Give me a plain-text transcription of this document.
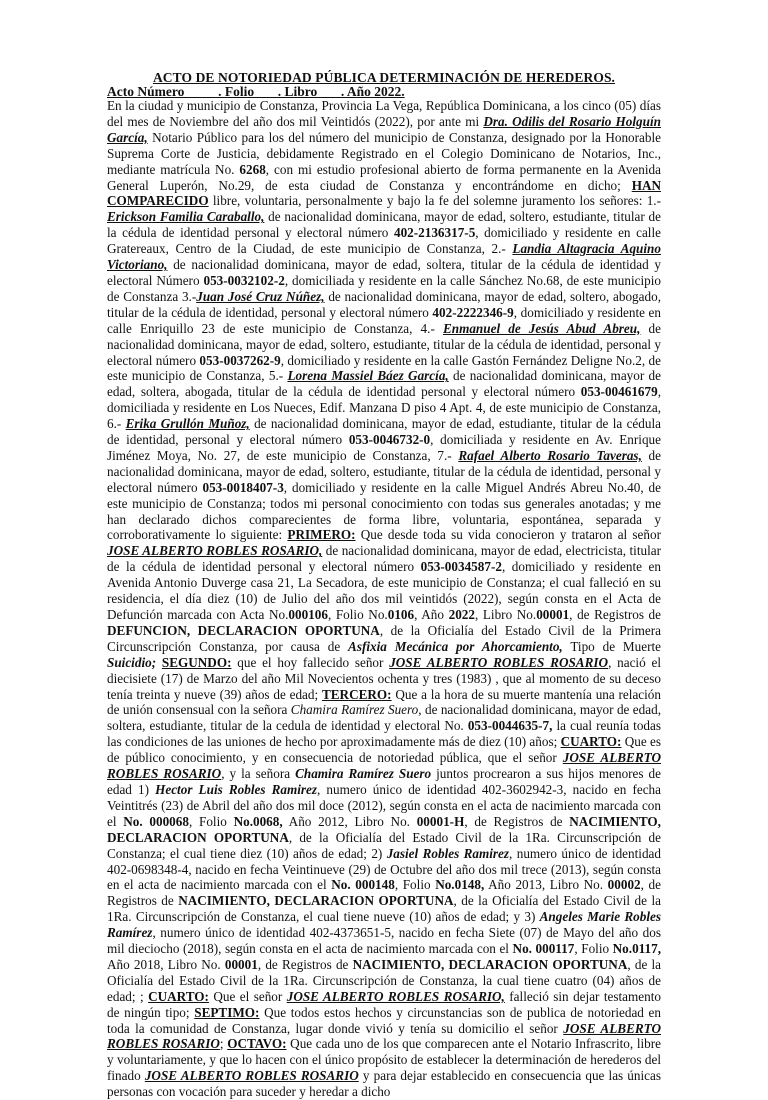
ACTO DE NOTORIEDAD PÚBLICA DETERMINACIÓN DE HEREDEROS.
Acto Número          . Folio       . Libro       . Año 2022.

En la ciudad y municipio de Constanza, Provincia La Vega, República Dominicana, a los cinco (05) días del mes de Noviembre del año dos mil Veintidós (2022), por ante mi Dra. Odilis del Rosario Holguín García, Notario Público para los del número del municipio de Constanza, designado por la Honorable Suprema Corte de Justicia, debidamente Registrado en el Colegio Dominicano de Notarios, Inc., mediante matrícula No. 6268, con mi estudio profesional abierto de forma permanente en la Avenida General Luperón, No.29, de esta ciudad de Constanza y encontrándome en dicho; HAN COMPARECIDO libre, voluntaria, personalmente y bajo la fe del solemne juramento los señores: 1.- Erickson Familia Caraballo, de nacionalidad dominicana, mayor de edad, soltero, estudiante, titular de la cédula de identidad personal y electoral número 402-2136317-5, domiciliado y residente en calle Gratereaux, Centro de la Ciudad, de este municipio de Constanza, 2.- Landia Altagracia Aquino Victoriano, de nacionalidad dominicana, mayor de edad, soltera, titular de la cédula de identidad y electoral Número 053-0032102-2, domiciliada y residente en la calle Sánchez No.68, de este municipio de Constanza 3.-Juan José Cruz Núñez, de nacionalidad dominicana, mayor de edad, soltero, abogado, titular de la cédula de identidad, personal y electoral número 402-2222346-9, domiciliado y residente en calle Enriquillo 23 de este municipio de Constanza, 4.- Enmanuel de Jesús Abud Abreu, de nacionalidad dominicana, mayor de edad, soltero, estudiante, titular de la cédula de identidad, personal y electoral número 053-0037262-9, domiciliado y residente en la calle Gastón Fernández Deligne No.2, de este municipio de Constanza, 5.- Lorena Massiel Báez García, de nacionalidad dominicana, mayor de edad, soltera, abogada, titular de la cédula de identidad personal y electoral número 053-00461679, domiciliada y residente en Los Nueces, Edif. Manzana D piso 4 Apt. 4, de este municipio de Constanza, 6.- Erika Grullón Muñoz, de nacionalidad dominicana, mayor de edad, estudiante, titular de la cédula de identidad, personal y electoral número 053-0046732-0, domiciliada y residente en Av. Enrique Jiménez Moya, No. 27, de este municipio de Constanza, 7.- Rafael Alberto Rosario Taveras, de nacionalidad dominicana, mayor de edad, soltero, estudiante, titular de la cédula de identidad, personal y electoral número 053-0018407-3, domiciliado y residente en la calle Miguel Andrés Abreu No.40, de este municipio de Constanza; todos mi personal conocimiento con todas sus generales anotadas; y me han declarado dichos comparecientes de forma libre, voluntaria, espontánea, separada y corroborativamente lo siguiente: PRIMERO: Que desde toda su vida conocieron y trataron al señor JOSE ALBERTO ROBLES ROSARIO, de nacionalidad dominicana, mayor de edad, electricista, titular de la cédula de identidad personal y electoral número 053-0034587-2, domiciliado y residente en Avenida Antonio Duverge casa 21, La Secadora, de este municipio de Constanza; el cual falleció en su residencia, el día diez (10) de Julio del año dos mil veintidós (2022), según consta en el Acta de Defunción marcada con Acta No.000106, Folio No.0106, Año 2022, Libro No.00001, de Registros de DEFUNCION, DECLARACION OPORTUNA, de la Oficialía del Estado Civil de la Primera Circunscripción Constanza, por causa de Asfixia Mecánica por Ahorcamiento, Tipo de Muerte Suicidio; SEGUNDO: que el hoy fallecido señor JOSE ALBERTO ROBLES ROSARIO, nació el diecisiete (17) de Marzo del año Mil Novecientos ochenta y tres (1983) , que al momento de su deceso tenía treinta y nueve (39) años de edad; TERCERO: Que a la hora de su muerte mantenía una relación de unión consensual con la señora Chamira Ramírez Suero, de nacionalidad dominicana, mayor de edad, soltera, estudiante, titular de la cedula de identidad y electoral No. 053-0044635-7, la cual reunía todas las condiciones de las uniones de hecho por aproximadamente más de diez (10) años; CUARTO: Que es de público conocimiento, y en consecuencia de notoriedad pública, que el señor JOSE ALBERTO ROBLES ROSARIO, y la señora Chamira Ramírez Suero juntos procrearon a sus hijos menores de edad 1) Hector Luis Robles Ramirez, numero único de identidad 402-3602942-3, nacido en fecha Veintitrés (23) de Abril del año dos mil doce (2012), según consta en el acta de nacimiento marcada con el No. 000068, Folio No.0068, Año 2012, Libro No. 00001-H, de Registros de NACIMIENTO, DECLARACION OPORTUNA, de la Oficialía del Estado Civil de la 1Ra. Circunscripción de Constanza; el cual tiene diez (10) años de edad; 2) Jasiel Robles Ramirez, numero único de identidad 402-0698348-4, nacido en fecha Veintinueve (29) de Octubre del año dos mil trece (2013), según consta en el acta de nacimiento marcada con el No. 000148, Folio No.0148, Año 2013, Libro No. 00002, de Registros de NACIMIENTO, DECLARACION OPORTUNA, de la Oficialía del Estado Civil de la 1Ra. Circunscripción de Constanza, el cual tiene nueve (10) años de edad; y 3) Angeles Marie Robles Ramírez, numero único de identidad 402-4373651-5, nacido en fecha Siete (07) de Mayo del año dos mil dieciocho (2018), según consta en el acta de nacimiento marcada con el No. 000117, Folio No.0117, Año 2018, Libro No. 00001, de Registros de NACIMIENTO, DECLARACION OPORTUNA, de la Oficialía del Estado Civil de la 1Ra. Circunscripción de Constanza, la cual tiene cuatro (04) años de edad; ; CUARTO: Que el señor JOSE ALBERTO ROBLES ROSARIO, falleció sin dejar testamento de ningún tipo; SEPTIMO: Que todos estos hechos y circunstancias son de publica de notoriedad en toda la comunidad de Constanza, lugar donde vivió y tenía su domicilio el señor JOSE ALBERTO ROBLES ROSARIO; OCTAVO: Que cada uno de los que comparecen ante el Notario Infrascrito, libre y voluntariamente, y que lo hacen con el único propósito de establecer la determinación de herederos del finado JOSE ALBERTO ROBLES ROSARIO y para dejar establecido en consecuencia que las únicas personas con vocación para suceder y heredar a dicho
